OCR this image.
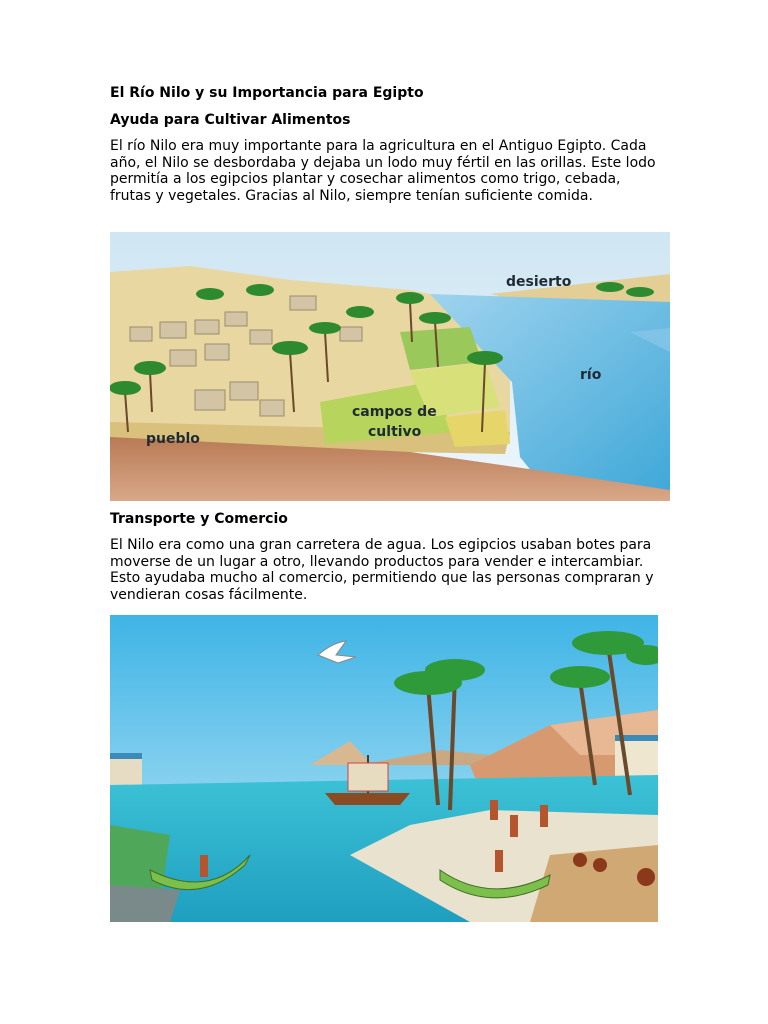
El Río Nilo y su Importancia para Egipto
Ayuda para Cultivar Alimentos

El río Nilo era muy importante para la agricultura en el Antiguo Egipto. Cada año, el Nilo se desbordaba y dejaba un lodo muy fértil en las orillas. Este lodo permitía a los egipcios plantar y cosechar alimentos como trigo, cebada, frutas y vegetales. Gracias al Nilo, siempre tenían suficiente comida.

desierto
río
campos de
cultivo
pueblo
Transporte y Comercio

El Nilo era como una gran carretera de agua. Los egipcios usaban botes para moverse de un lugar a otro, llevando productos para vender e intercambiar. Esto ayudaba mucho al comercio, permitiendo que las personas compraran y vendieran cosas fácilmente.
